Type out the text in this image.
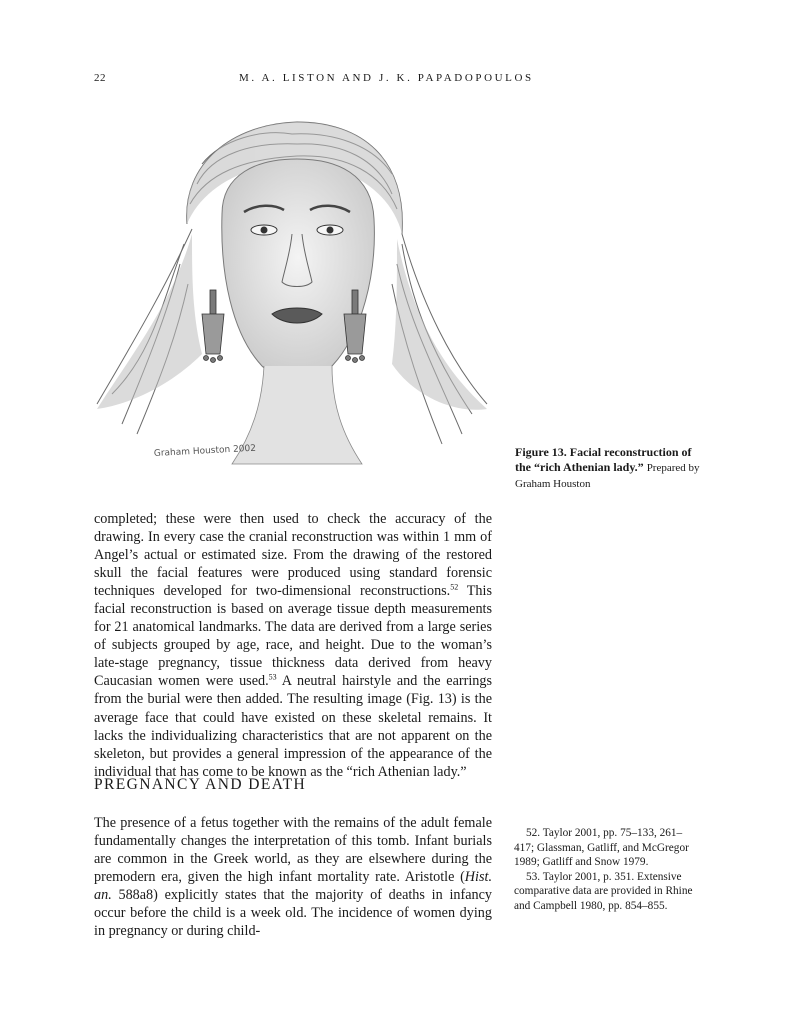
22	M. A. LISTON AND J. K. PAPADOPOULOS
Graham Houston 2002	Figure 13. Facial reconstruction of the “rich Athenian lady.” Prepared by Graham Houston

completed; these were then used to check the accuracy of the drawing. In every case the cranial reconstruction was within 1 mm of Angel’s actual or estimated size. From the drawing of the restored skull the facial features were produced using standard forensic techniques developed for two-dimensional reconstructions.$^{52}$ This facial reconstruction is based on average tissue depth measurements for 21 anatomical landmarks. The data are derived from a large series of subjects grouped by age, race, and height. Due to the woman’s late-stage pregnancy, tissue thickness data derived from heavy Caucasian women were used.$^{53}$ A neutral hairstyle and the earrings from the burial were then added. The resulting image (Fig. 13) is the average face that could have existed on these skeletal remains. It lacks the individualizing characteristics that are not apparent on the skeleton, but provides a general impression of the appearance of the individual that has come to be known as the “rich Athenian lady.”

PREGNANCY AND DEATH

The presence of a fetus together with the remains of the adult female fundamentally changes the interpretation of this tomb. Infant burials are common in the Greek world, as they are elsewhere during the premodern era, given the high infant mortality rate. Aristotle (Hist. an. 588a8) explicitly states that the majority of deaths in infancy occur before the child is a week old. The incidence of women dying in pregnancy or during child-

52. Taylor 2001, pp. 75–133, 261–417; Glassman, Gatliff, and McGregor 1989; Gatliff and Snow 1979.

53. Taylor 2001, p. 351. Extensive comparative data are provided in Rhine and Campbell 1980, pp. 854–855.
